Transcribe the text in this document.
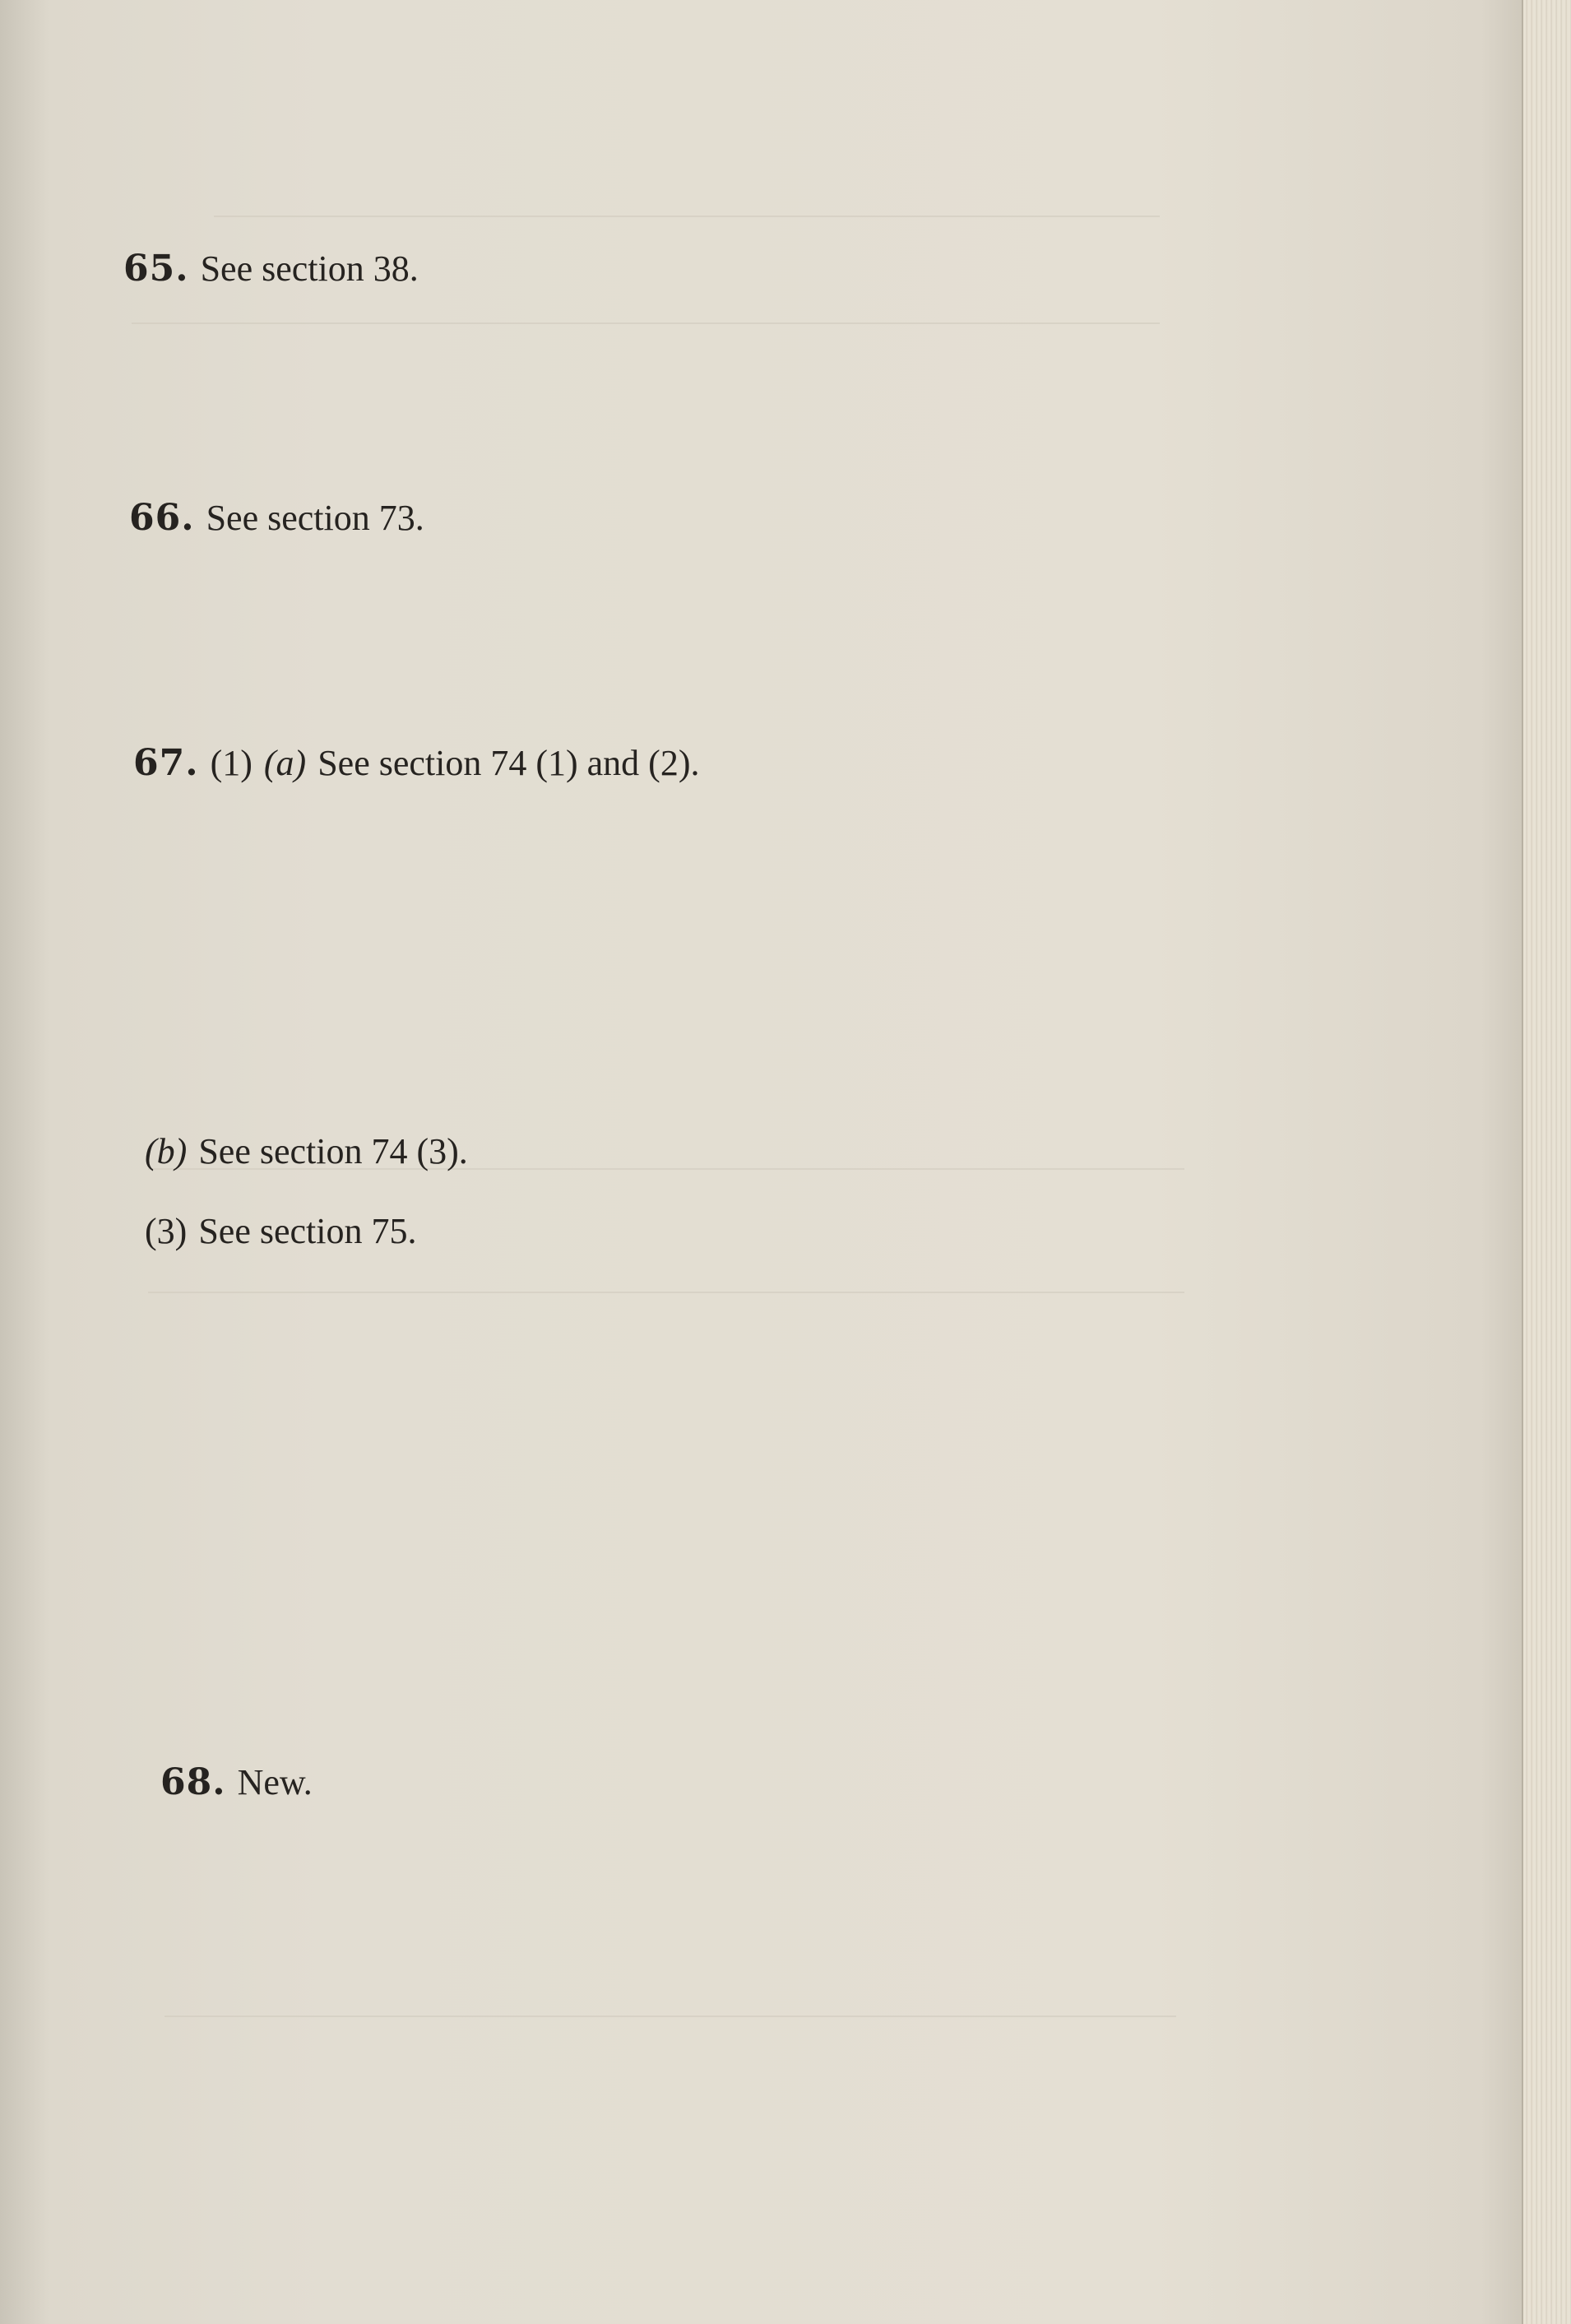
65. See section 38.
66. See section 73.
67. (1) (a) See section 74 (1) and (2).
(b) See section 74 (3).
(3) See section 75.
68. New.
